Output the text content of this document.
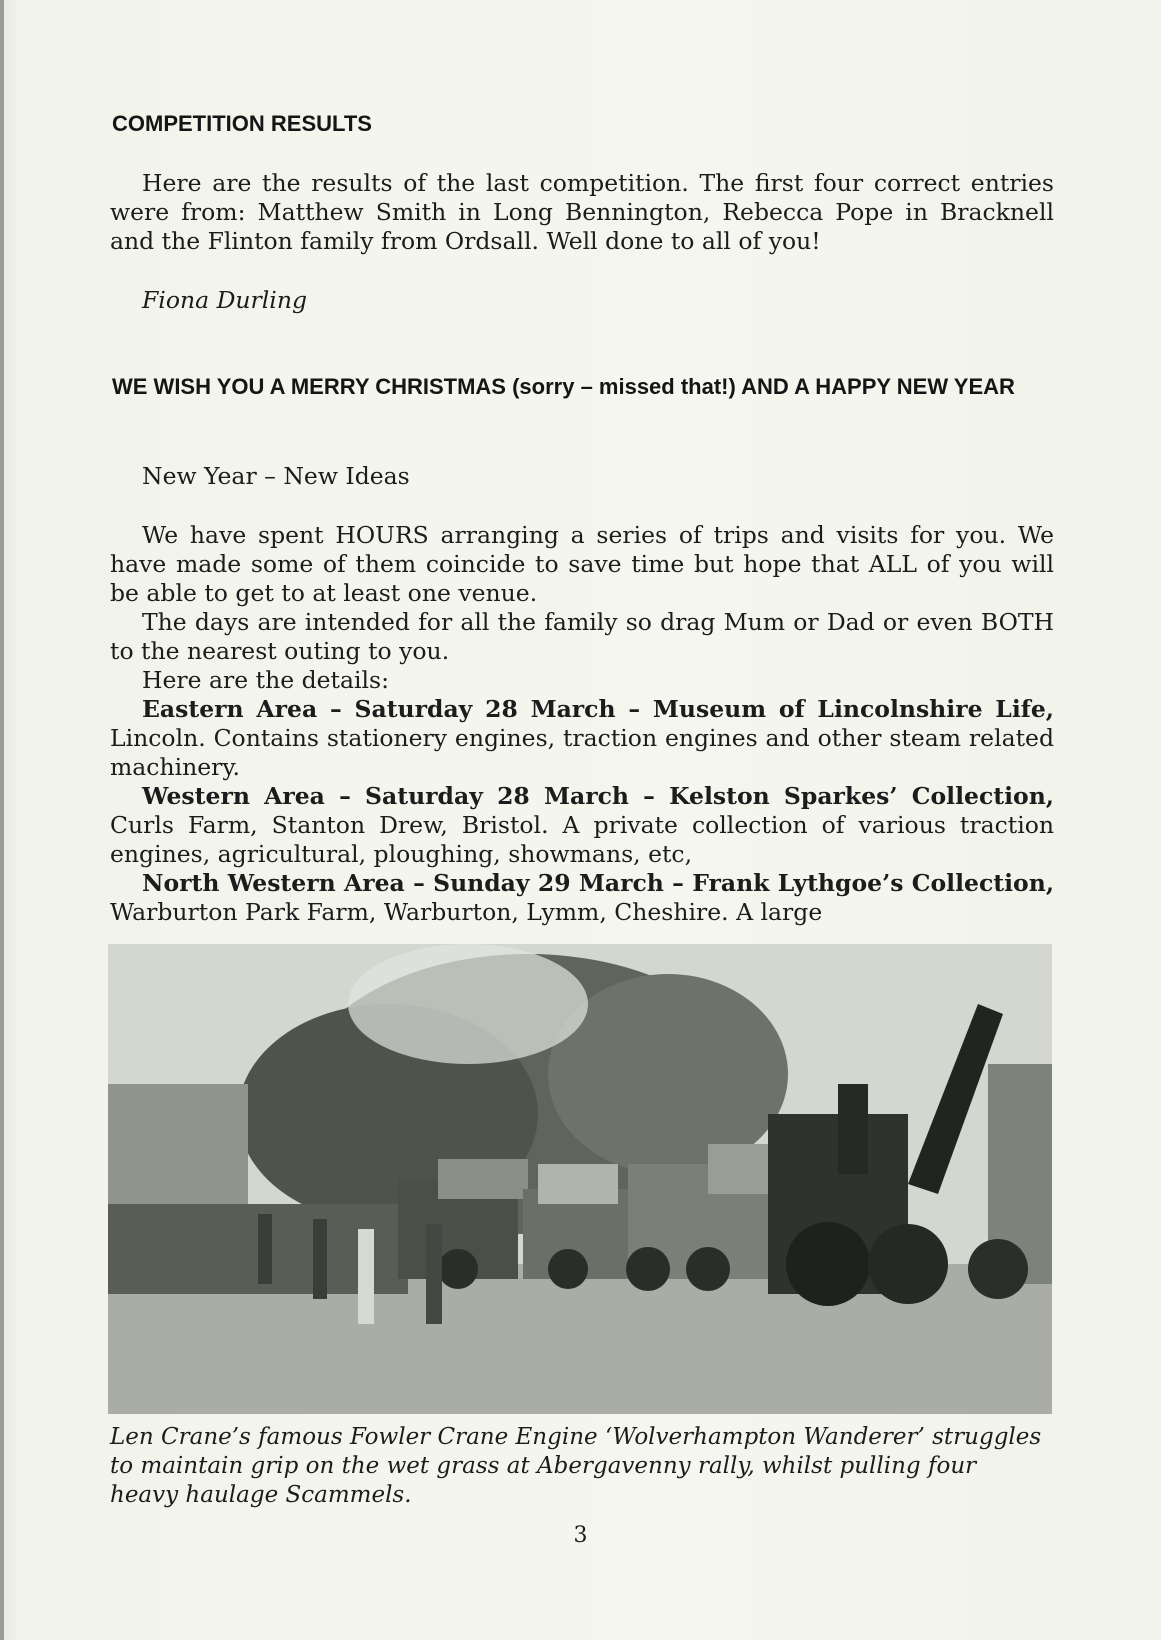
COMPETITION RESULTS

Here are the results of the last competition. The first four correct entries were from: Matthew Smith in Long Bennington, Rebecca Pope in Bracknell and the Flinton family from Ordsall. Well done to all of you!

Fiona Durling

WE WISH YOU A MERRY CHRISTMAS (sorry – missed that!) AND A HAPPY NEW YEAR

New Year – New Ideas

We have spent HOURS arranging a series of trips and visits for you. We have made some of them coincide to save time but hope that ALL of you will be able to get to at least one venue.

The days are intended for all the family so drag Mum or Dad or even BOTH to the nearest outing to you.

Here are the details:

Eastern Area – Saturday 28 March – Museum of Lincolnshire Life, Lincoln. Contains stationery engines, traction engines and other steam related machinery.

Western Area – Saturday 28 March – Kelston Sparkes’ Collection, Curls Farm, Stanton Drew, Bristol. A private collection of various traction engines, agricultural, ploughing, showmans, etc,

North Western Area – Sunday 29 March – Frank Lythgoe’s Collection, Warburton Park Farm, Warburton, Lymm, Cheshire. A large

Len Crane’s famous Fowler Crane Engine ‘Wolverhampton Wanderer’ struggles to maintain grip on the wet grass at Abergavenny rally, whilst pulling four heavy haulage Scammels.

3
